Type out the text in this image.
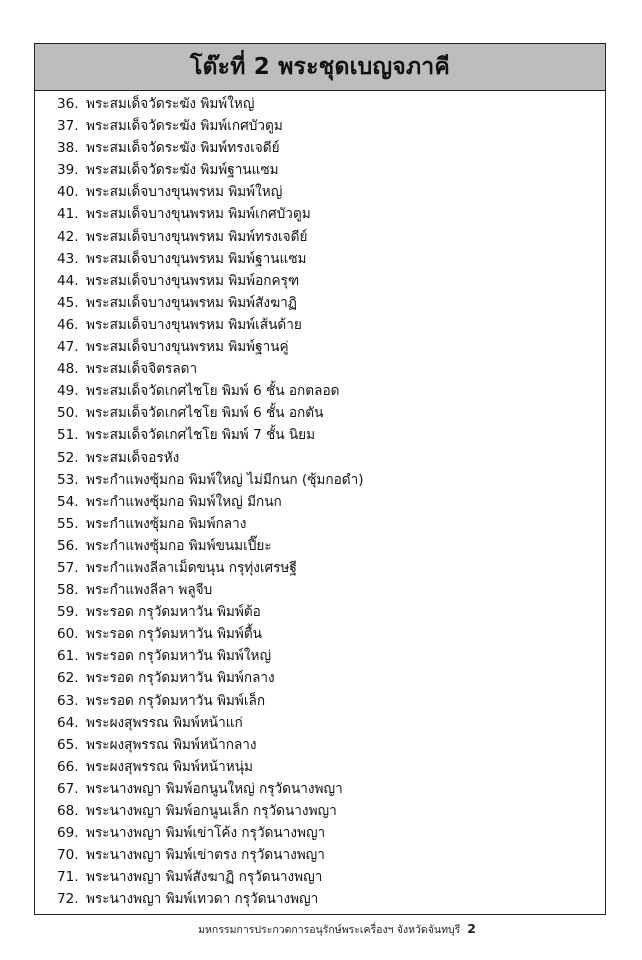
โต๊ะที่ 2 พระชุดเบญจภาคี
36. พระสมเด็จวัดระฆัง พิมพ์ใหญ่
37. พระสมเด็จวัดระฆัง พิมพ์เกศบัวตูม
38. พระสมเด็จวัดระฆัง พิมพ์ทรงเจดีย์
39. พระสมเด็จวัดระฆัง พิมพ์ฐานแซม
40. พระสมเด็จบางขุนพรหม พิมพ์ใหญ่
41. พระสมเด็จบางขุนพรหม พิมพ์เกศบัวตูม
42. พระสมเด็จบางขุนพรหม พิมพ์ทรงเจดีย์
43. พระสมเด็จบางขุนพรหม พิมพ์ฐานแซม
44. พระสมเด็จบางขุนพรหม พิมพ์อกครุฑ
45. พระสมเด็จบางขุนพรหม พิมพ์สังฆาฏิ
46. พระสมเด็จบางขุนพรหม พิมพ์เส้นด้าย
47. พระสมเด็จบางขุนพรหม พิมพ์ฐานคู่
48. พระสมเด็จจิตรลดา
49. พระสมเด็จวัดเกศไชโย พิมพ์ 6 ชั้น อกตลอด
50. พระสมเด็จวัดเกศไชโย พิมพ์ 6 ชั้น อกตัน
51. พระสมเด็จวัดเกศไชโย พิมพ์ 7 ชั้น นิยม
52. พระสมเด็จอรหัง
53. พระกำแพงซุ้มกอ พิมพ์ใหญ่ ไม่มีกนก (ซุ้มกอดำ)
54. พระกำแพงซุ้มกอ พิมพ์ใหญ่ มีกนก
55. พระกำแพงซุ้มกอ พิมพ์กลาง
56. พระกำแพงซุ้มกอ พิมพ์ขนมเปี๊ยะ
57. พระกำแพงลีลาเม็ดขนุน กรุทุ่งเศรษฐี
58. พระกำแพงลีลา พลูจีบ
59. พระรอด กรุวัดมหาวัน พิมพ์ต้อ
60. พระรอด กรุวัดมหาวัน พิมพ์ตื้น
61. พระรอด กรุวัดมหาวัน พิมพ์ใหญ่
62. พระรอด กรุวัดมหาวัน พิมพ์กลาง
63. พระรอด กรุวัดมหาวัน พิมพ์เล็ก
64. พระผงสุพรรณ พิมพ์หน้าแก่
65. พระผงสุพรรณ พิมพ์หน้ากลาง
66. พระผงสุพรรณ พิมพ์หน้าหนุ่ม
67. พระนางพญา พิมพ์อกนูนใหญ่ กรุวัดนางพญา
68. พระนางพญา พิมพ์อกนูนเล็ก กรุวัดนางพญา
69. พระนางพญา พิมพ์เข่าโค้ง กรุวัดนางพญา
70. พระนางพญา พิมพ์เข่าตรง กรุวัดนางพญา
71. พระนางพญา พิมพ์สังฆาฏิ กรุวัดนางพญา
72. พระนางพญา พิมพ์เทวดา กรุวัดนางพญา
มหกรรมการประกวดการอนุรักษ์พระเครื่องฯ จังหวัดจันทบุรี 2
